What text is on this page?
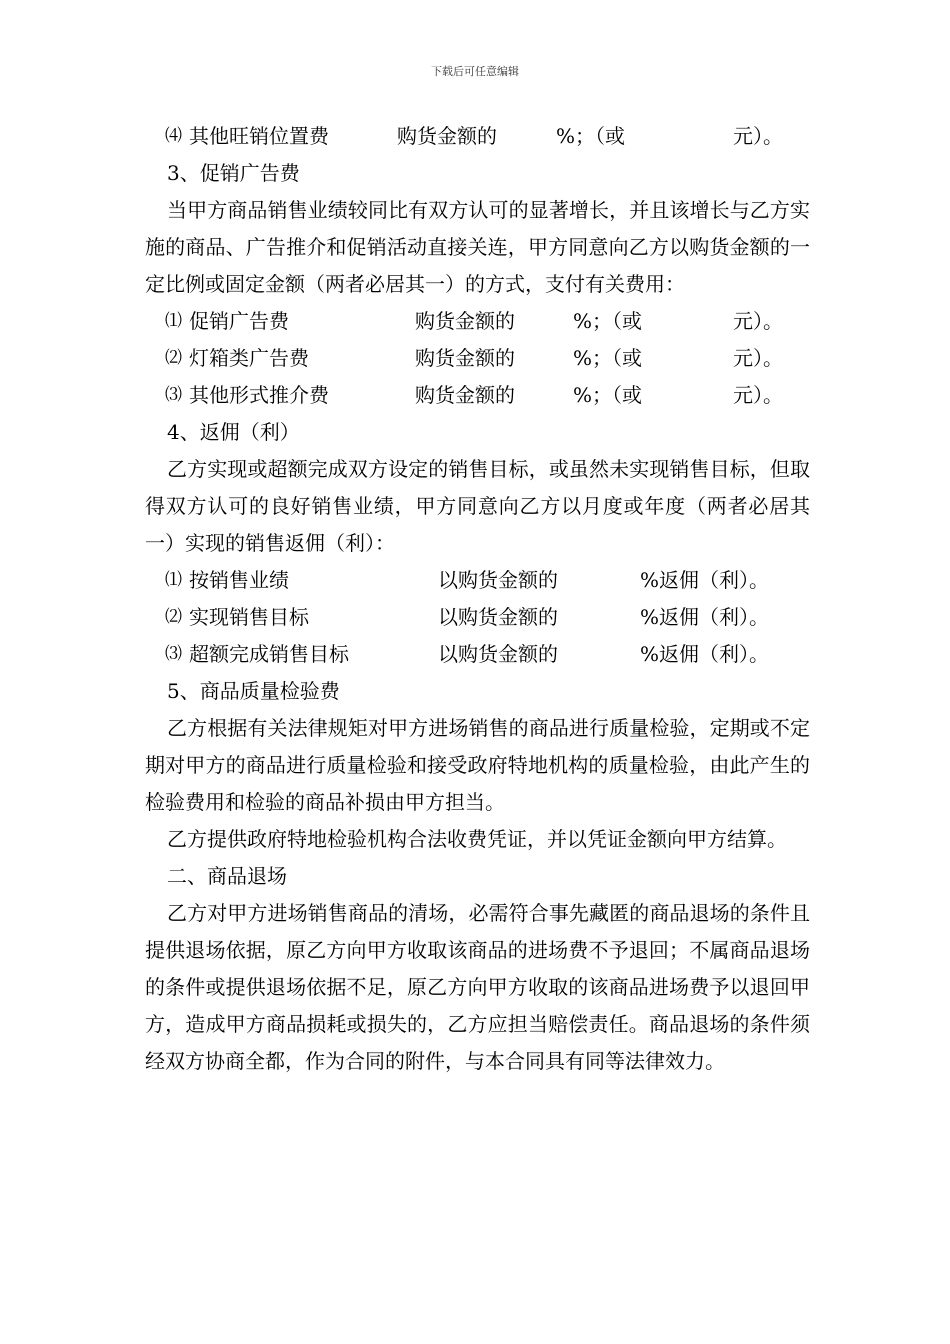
下载后可任意编辑
⑷ 其他旺销位置费	购货金额的	%；（或	元）。
3、促销广告费

当甲方商品销售业绩较同比有双方认可的显著增长，并且该增长与乙方实施的商品、广告推介和促销活动直接关连，甲方同意向乙方以购货金额的一定比例或固定金额（两者必居其一）的方式，支付有关费用：

⑴ 促销广告费	购货金额的	%；（或	元）。
⑵ 灯箱类广告费	购货金额的	%；（或	元）。
⑶ 其他形式推介费	购货金额的	%；（或	元）。
4、返佣（利）

乙方实现或超额完成双方设定的销售目标，或虽然未实现销售目标，但取得双方认可的良好销售业绩，甲方同意向乙方以月度或年度（两者必居其一）实现的销售返佣（利）：

⑴ 按销售业绩	以购货金额的	%返佣（利）。
⑵ 实现销售目标	以购货金额的	%返佣（利）。
⑶ 超额完成销售目标	以购货金额的	%返佣（利）。
5、商品质量检验费

乙方根据有关法律规矩对甲方进场销售的商品进行质量检验，定期或不定期对甲方的商品进行质量检验和接受政府特地机构的质量检验，由此产生的检验费用和检验的商品补损由甲方担当。

乙方提供政府特地检验机构合法收费凭证，并以凭证金额向甲方结算。

二、商品退场

乙方对甲方进场销售商品的清场，必需符合事先藏匿的商品退场的条件且提供退场依据，原乙方向甲方收取该商品的进场费不予退回；不属商品退场的条件或提供退场依据不足，原乙方向甲方收取的该商品进场费予以退回甲方，造成甲方商品损耗或损失的，乙方应担当赔偿责任。商品退场的条件须经双方协商全都，作为合同的附件，与本合同具有同等法律效力。
